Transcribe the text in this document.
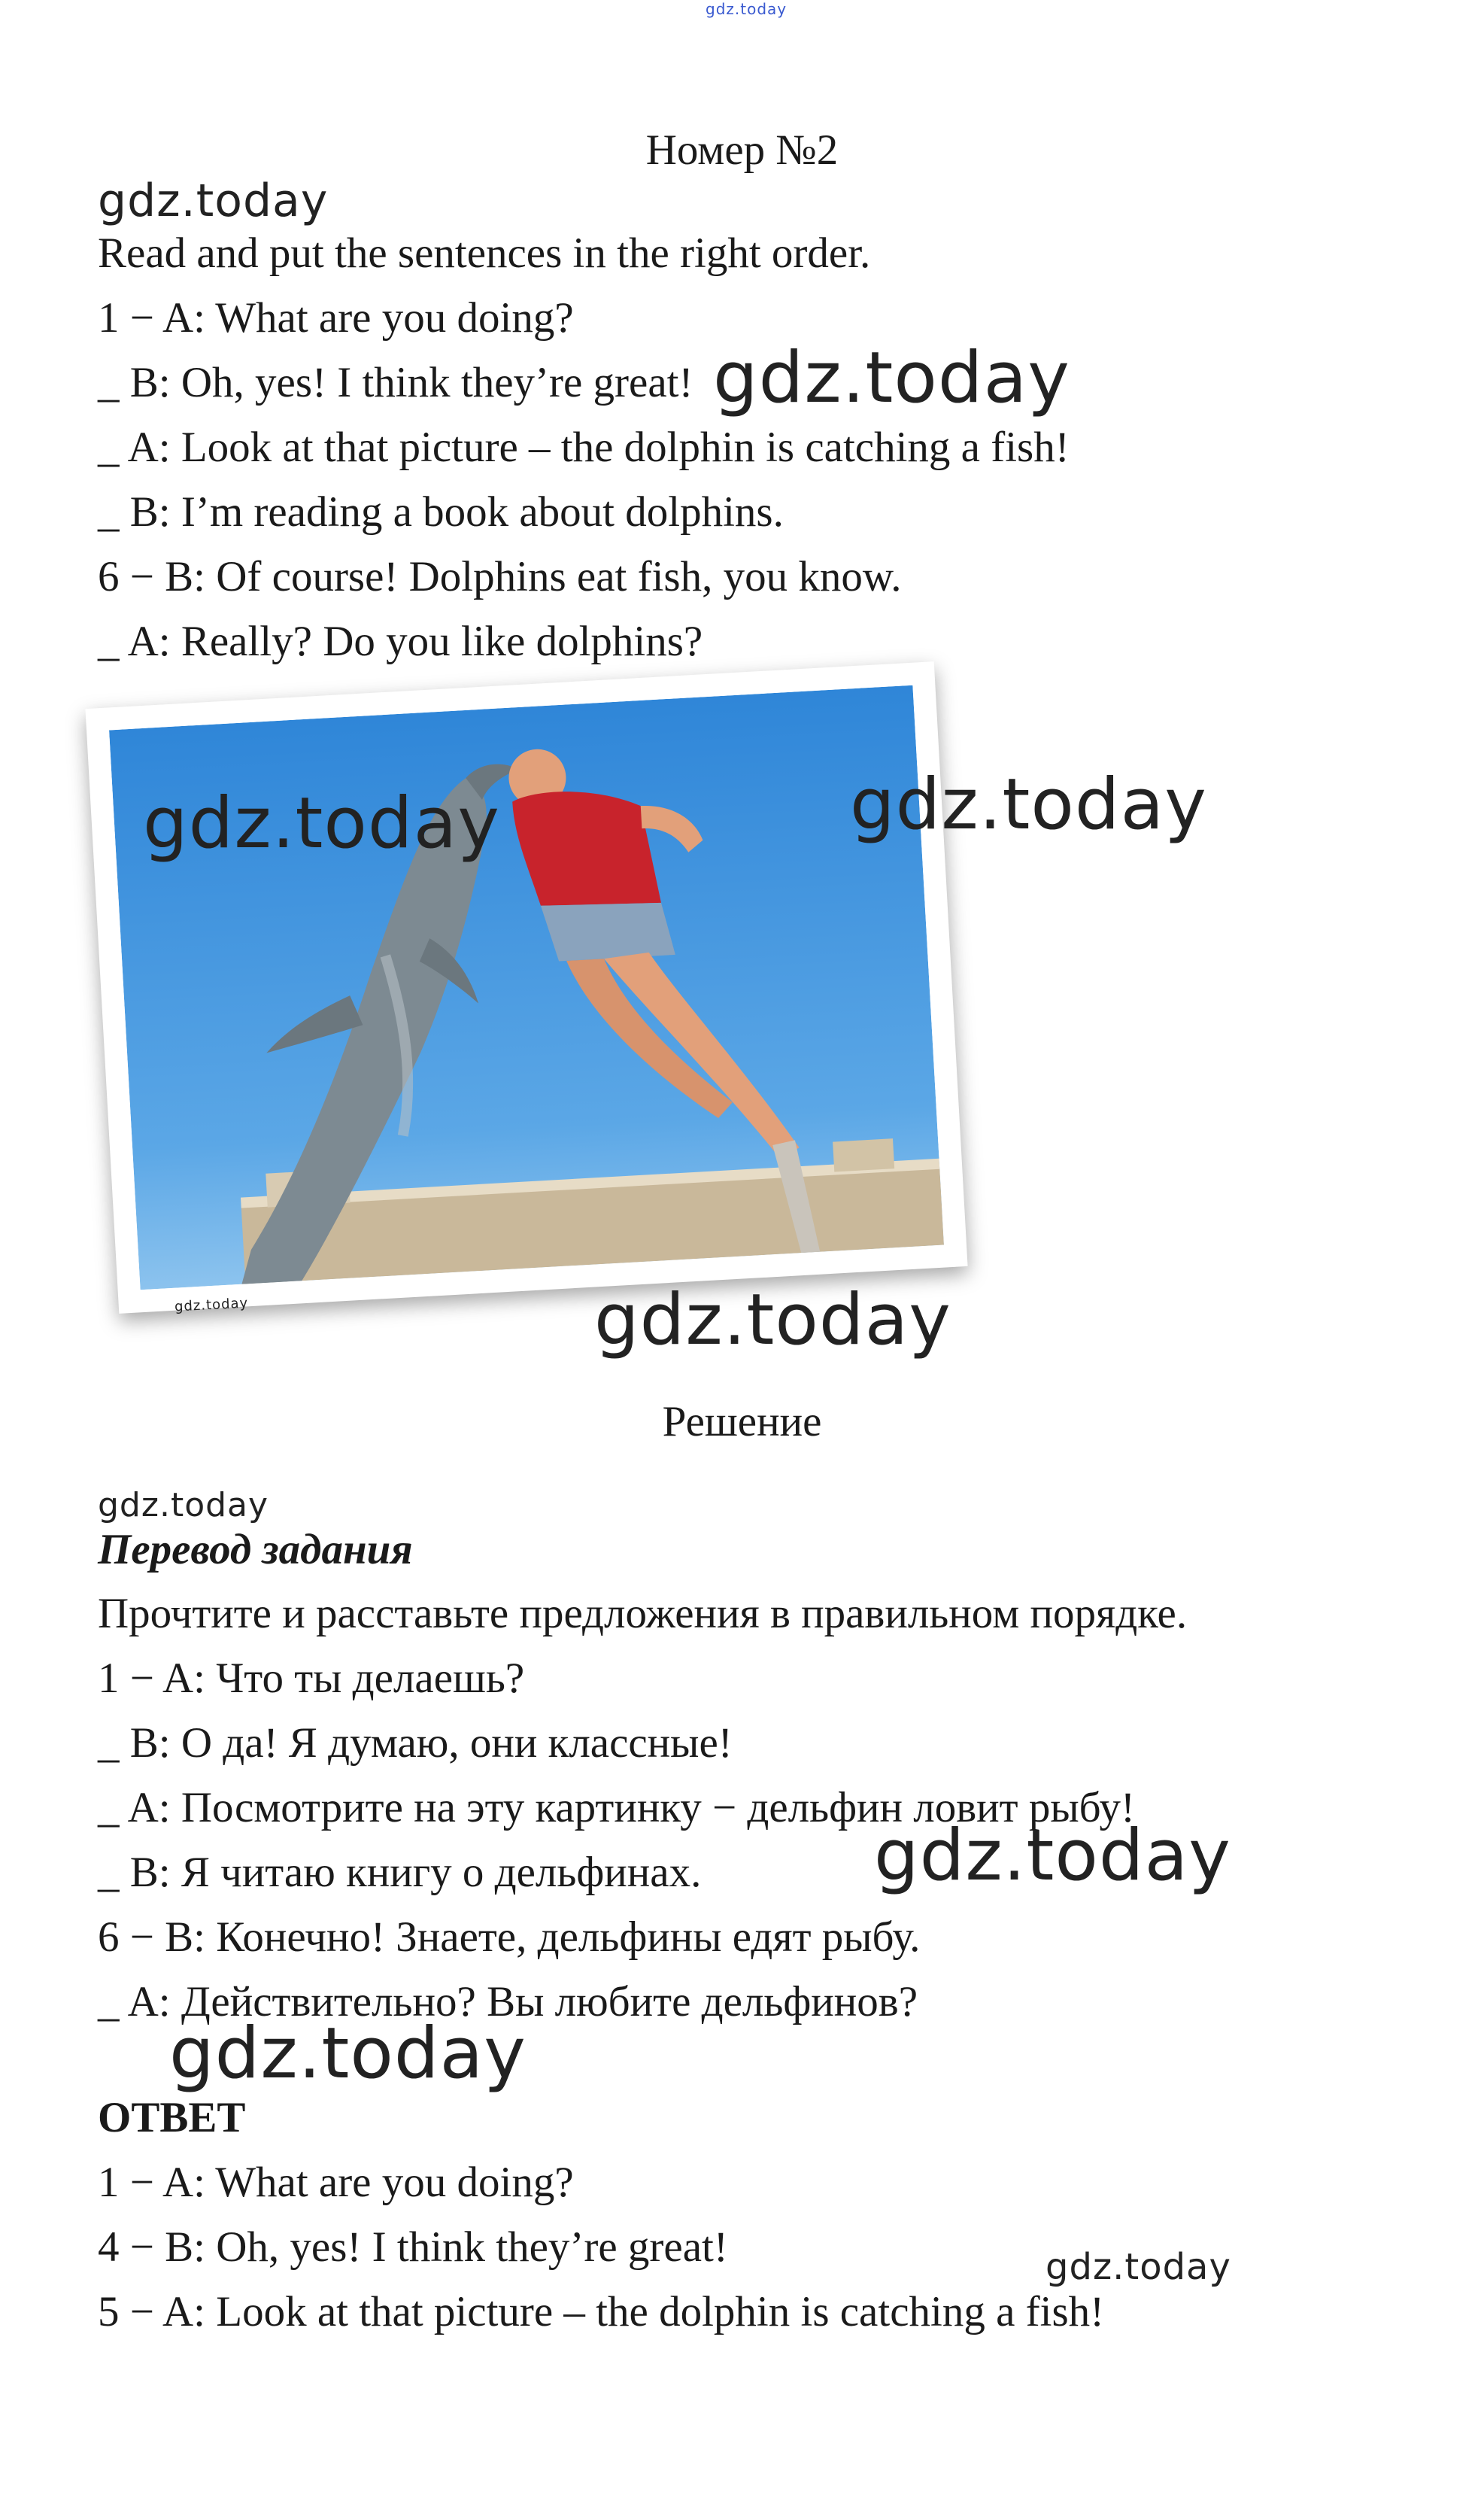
gdz.today
Номер №2
gdz.today
Read and put the sentences in the right order.
1 − A: What are you doing?
_ B: Oh, yes! I think they’re great! gdz.today
_ A: Look at that picture – the dolphin is catching a fish!
_ B: I’m reading a book about dolphins.
6 − B: Of course! Dolphins eat fish, you know.
_ A: Really? Do you like dolphins?
gdz.today
gdz.today	gdz.today
gdz.today
Решение
gdz.today
Перевод задания
Прочтите и расставьте предложения в правильном порядке.
1 − A: Что ты делаешь?
_ B: О да! Я думаю, они классные!
_ A: Посмотрите на эту картинку − дельфин ловит рыбу!
_ B: Я читаю книгу о дельфинах. gdz.today
6 − B: Конечно! Знаете, дельфины едят рыбу.
_ A: Действительно? Вы любите дельфинов?
gdz.today
ОТВЕТ
1 − A: What are you doing?
4 − B: Oh, yes! I think they’re great!	gdz.today
5 − A: Look at that picture – the dolphin is catching a fish!
